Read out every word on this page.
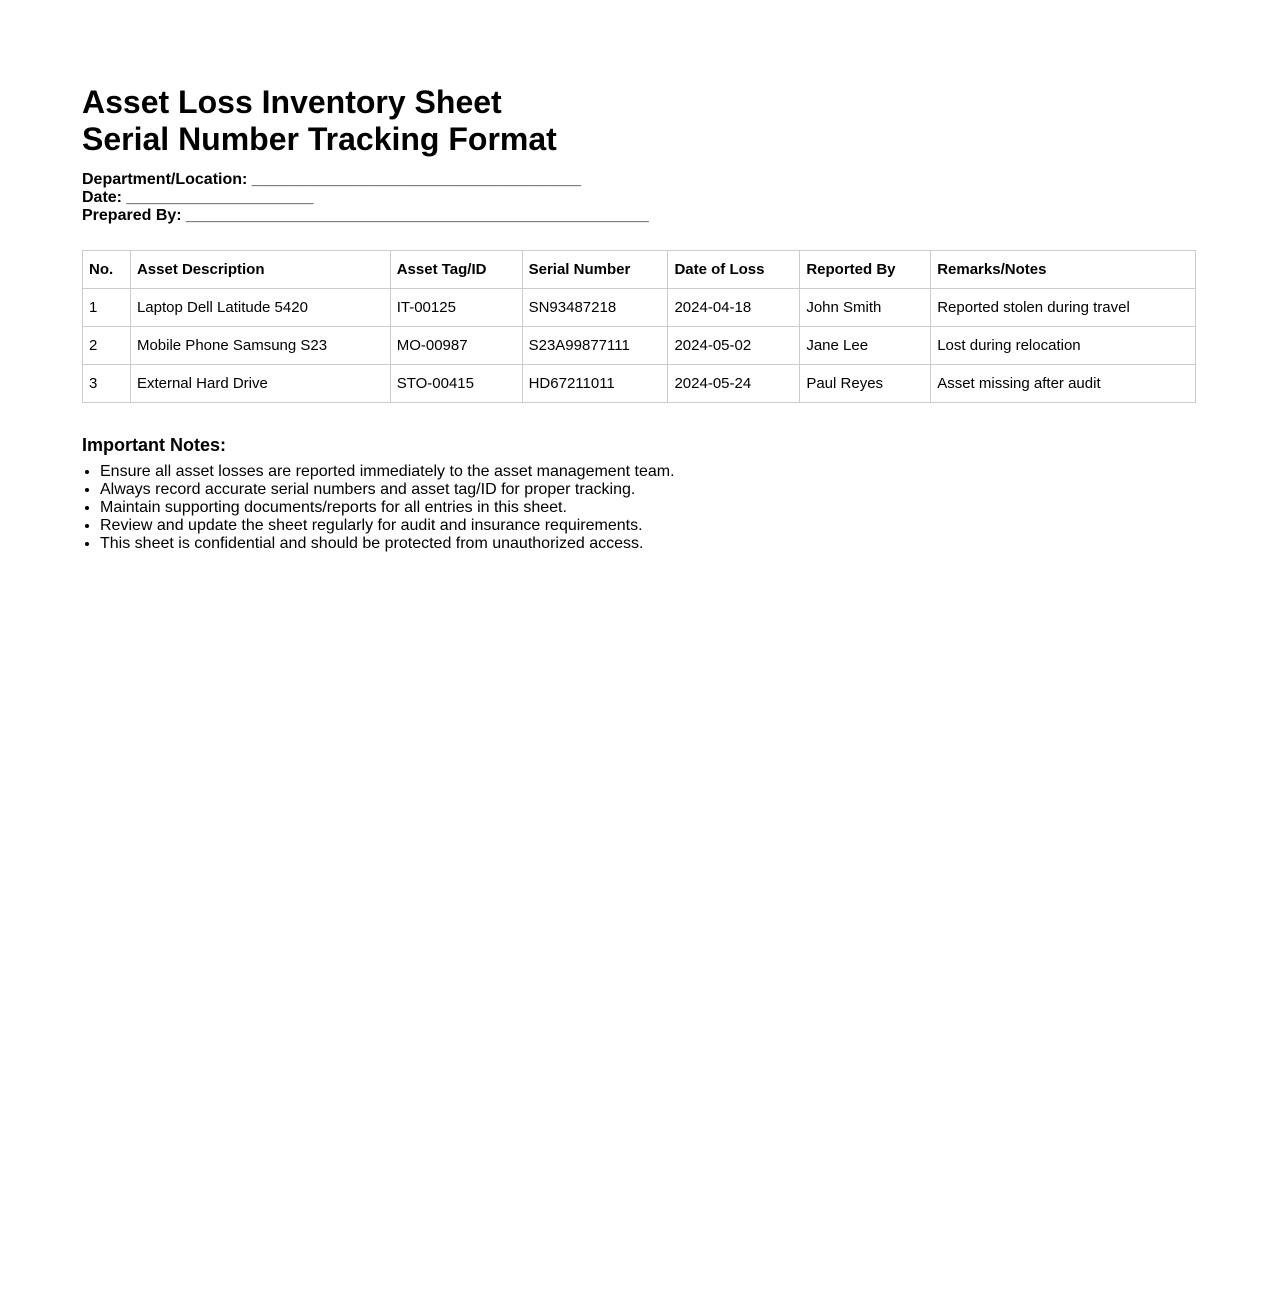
Asset Loss Inventory Sheet
Serial Number Tracking Format
Department/Location: _____________________________________
Date: _____________________
Prepared By: ____________________________________________________
No.	Asset Description	Asset Tag/ID	Serial Number	Date of Loss	Reported By	Remarks/Notes
1	Laptop Dell Latitude 5420	IT-00125	SN93487218	2024-04-18	John Smith	Reported stolen during travel
2	Mobile Phone Samsung S23	MO-00987	S23A99877111	2024-05-02	Jane Lee	Lost during relocation
3	External Hard Drive	STO-00415	HD67211011	2024-05-24	Paul Reyes	Asset missing after audit
Important Notes:
• Ensure all asset losses are reported immediately to the asset management team.
• Always record accurate serial numbers and asset tag/ID for proper tracking.
• Maintain supporting documents/reports for all entries in this sheet.
• Review and update the sheet regularly for audit and insurance requirements.
• This sheet is confidential and should be protected from unauthorized access.
